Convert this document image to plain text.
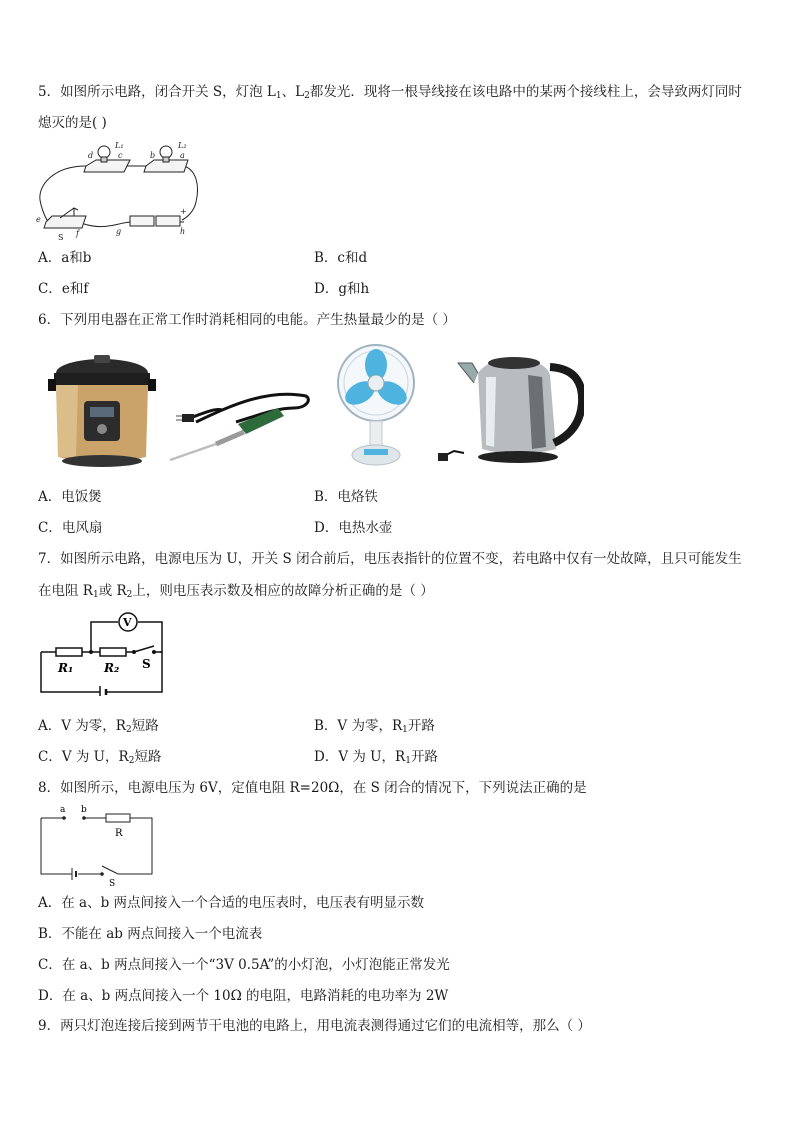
5．如图所示电路，闭合开关 S，灯泡 $L_1$、$L_2$都发光．现将一根导线接在该电路中的某两个接线柱上，会导致两灯同时
熄灭的是( )
d	c
L₁
b	a
L₂
e
f	g	h
S
+
A．a和b	B．c和d
C．e和f	D．g和h
6．下列用电器在正常工作时消耗相同的电能。产生热量最少的是（ ）
A．电饭煲	B．电烙铁
C．电风扇	D．电热水壶
7．如图所示电路，电源电压为 U，开关 S 闭合前后，电压表指针的位置不变，若电路中仅有一处故障，且只可能发生
在电阻 $R_1$或 $R_2$上，则电压表示数及相应的故障分析正确的是（ ）
V
R₁	R₂ S
A．V 为零，$R_2$短路	B．V 为零，$R_1$开路
C．V 为 U，$R_2$短路	D．V 为 U，$R_1$开路
8．如图所示，电源电压为 6V，定值电阻 R=20Ω，在 S 闭合的情况下，下列说法正确的是
a b
R
S
A．在 a、b 两点间接入一个合适的电压表时，电压表有明显示数
B．不能在 ab 两点间接入一个电流表
C．在 a、b 两点间接入一个“3V 0.5A”的小灯泡，小灯泡能正常发光
D．在 a、b 两点间接入一个 10Ω 的电阻，电路消耗的电功率为 2W
9．两只灯泡连接后接到两节干电池的电路上，用电流表测得通过它们的电流相等，那么（ ）
